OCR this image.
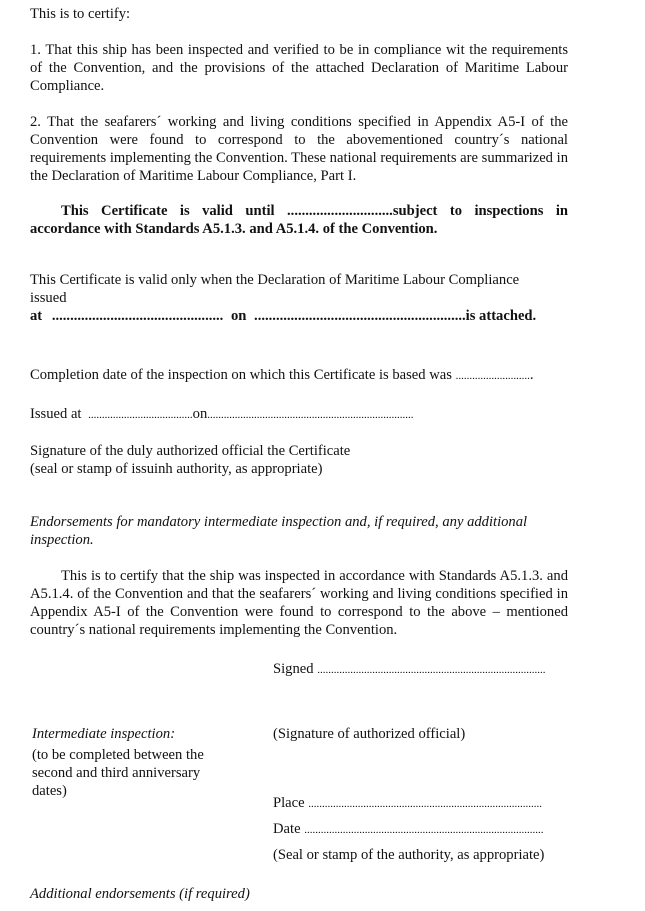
This is to certify:

1. That this ship has been inspected and verified to be in compliance wit the requirements of the Convention, and the provisions of the attached Declaration of Maritime Labour Compliance.

2. That the seafarers´ working and living conditions specified in Appendix A5-I of the Convention were found to correspond to the abovementioned country´s national requirements implementing the Convention. These national requirements are summarized in the Declaration of Maritime Labour Compliance, Part I.

This Certificate is valid until .............................subject to inspections in
accordance with Standards A5.1.3. and A5.1.4. of the Convention.
This Certificate is valid only when the Declaration of Maritime Labour Compliance
issued
at ............................................... on ..........................................................is attached.
Completion date of the inspection on which this Certificate is based was ............................
Issued at ......................................on...........................................................................
Signature of the duly authorized official the Certificate
(seal or stamp of issuinh authority, as appropriate)

Endorsements for mandatory intermediate inspection and, if required, any additional inspection.

This is to certify that the ship was inspected in accordance with Standards A5.1.3. and A5.1.4. of the Convention and that the seafarers´ working and living conditions specified in Appendix A5-I of the Convention were found to correspond to the above – mentioned country´s national requirements implementing the Convention.

Signed ...................................................................................
Intermediate inspection:
(to be completed between the second and third anniversary dates)
(Signature of authorized official)
Place .....................................................................................
Date .......................................................................................
(Seal or stamp of the authority, as appropriate)

Additional endorsements (if required)
